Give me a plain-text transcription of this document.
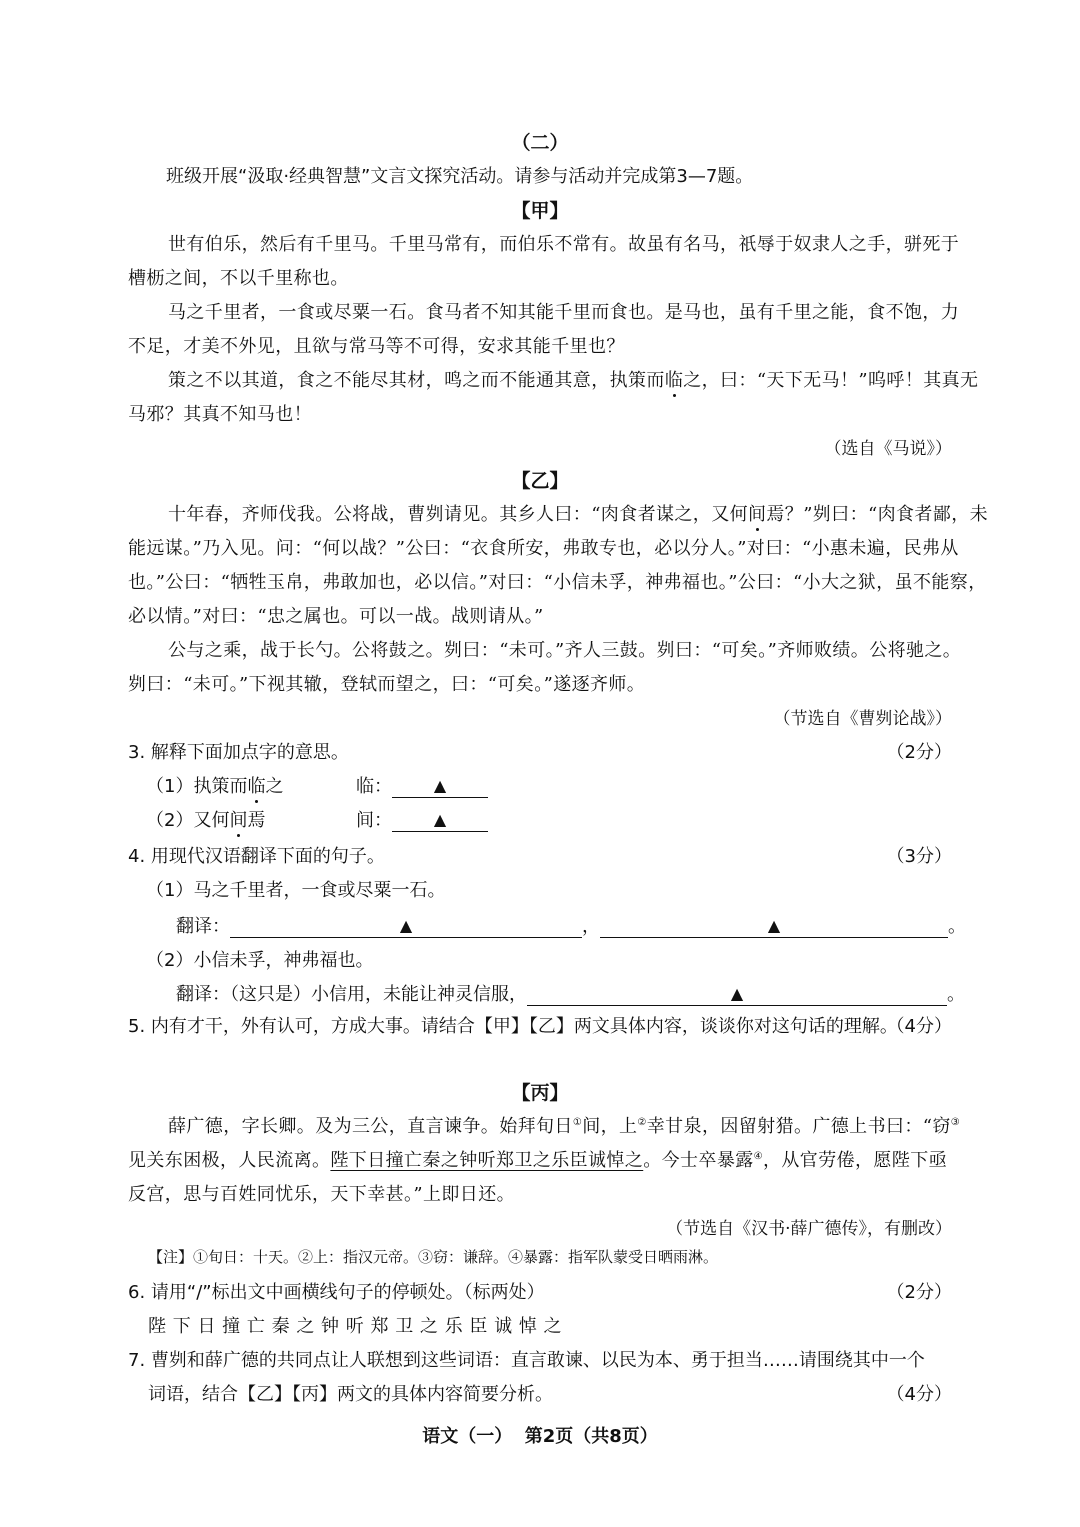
（二）
班级开展“汲取·经典智慧”文言文探究活动。请参与活动并完成第3—7题。
【甲】
世有伯乐，然后有千里马。千里马常有，而伯乐不常有。故虽有名马，祇辱于奴隶人之手，骈死于
槽枥之间，不以千里称也。
马之千里者，一食或尽粟一石。食马者不知其能千里而食也。是马也，虽有千里之能，食不饱，力
不足，才美不外见，且欲与常马等不可得，安求其能千里也？
策之不以其道，食之不能尽其材，鸣之而不能通其意，执策而临之，曰：“天下无马！”呜呼！其真无
马邪？其真不知马也！
（选自《马说》）
【乙】
十年春，齐师伐我。公将战，曹刿请见。其乡人曰：“肉食者谋之，又何间焉？”刿曰：“肉食者鄙，未
能远谋。”乃入见。问：“何以战？”公曰：“衣食所安，弗敢专也，必以分人。”对曰：“小惠未遍，民弗从
也。”公曰：“牺牲玉帛，弗敢加也，必以信。”对曰：“小信未孚，神弗福也。”公曰：“小大之狱，虽不能察，
必以情。”对曰：“忠之属也。可以一战。战则请从。”
公与之乘，战于长勺。公将鼓之。刿曰：“未可。”齐人三鼓。刿曰：“可矣。”齐师败绩。公将驰之。
刿曰：“未可。”下视其辙，登轼而望之，曰：“可矣。”遂逐齐师。
（节选自《曹刿论战》）
3. 解释下面加点字的意思。	（2分）
（1）执策而临之	临：	▲
（2）又何间焉	间：	▲
4. 用现代汉语翻译下面的句子。	（3分）
（1）马之千里者，一食或尽粟一石。
翻译：	▲	，	▲	。
（2）小信未孚，神弗福也。
翻译：（这只是）小信用，未能让神灵信服，	▲	。
5. 内有才干，外有认可，方成大事。请结合【甲】【乙】两文具体内容，谈谈你对这句话的理解。
（4分）
【丙】
薛广德，字长卿。及为三公，直言谏争。始拜旬日①间，上②幸甘泉，因留射猎。广德上书曰：“窃③
见关东困极，人民流离。陛下日撞亡秦之钟听郑卫之乐臣诚悼之。今士卒暴露④，从官劳倦，愿陛下亟
反宫，思与百姓同忧乐，天下幸甚。”上即日还。
（节选自《汉书·薛广德传》，有删改）
【注】①旬日：十天。②上：指汉元帝。③窃：谦辞。④暴露：指军队蒙受日晒雨淋。
6. 请用“/”标出文中画横线句子的停顿处。（标两处）	（2分）
陛 下 日 撞 亡 秦 之 钟 听 郑 卫 之 乐 臣 诚 悼 之
7. 曹刿和薛广德的共同点让人联想到这些词语：直言敢谏、以民为本、勇于担当……请围绕其中一个
词语，结合【乙】【丙】两文的具体内容简要分析。	（4分）
语文（一）  第2页（共8页）
